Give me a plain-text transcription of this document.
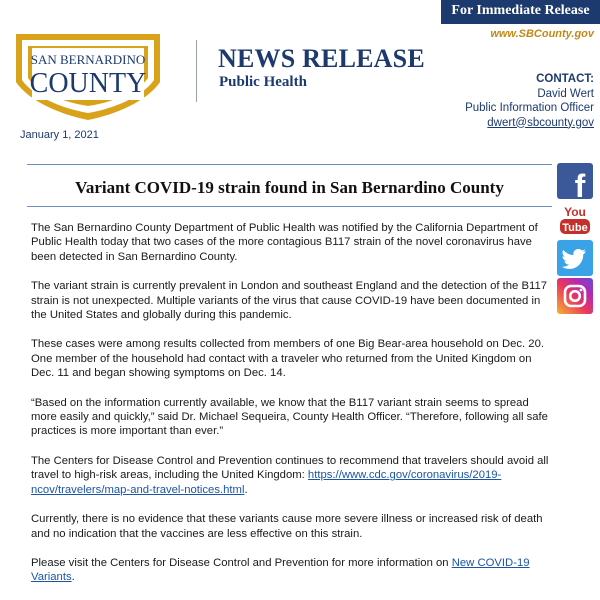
For Immediate Release
www.SBCounty.gov
SAN BERNARDINO
COUNTY
NEWS RELEASE
Public Health	CONTACT:
David Wert
Public Information Officer
dwert@sbcounty.gov
January 1, 2021
Variant COVID-19 strain found in San Bernardino County

The San Bernardino County Department of Public Health was notified by the California Department of Public Health today that two cases of the more contagious B117 strain of the novel coronavirus have been detected in San Bernardino County.

The variant strain is currently prevalent in London and southeast England and the detection of the B117 strain is not unexpected. Multiple variants of the virus that cause COVID-19 have been documented in the United States and globally during this pandemic.

These cases were among results collected from members of one Big Bear-area household on Dec. 20. One member of the household had contact with a traveler who returned from the United Kingdom on Dec. 11 and began showing symptoms on Dec. 14.

“Based on the information currently available, we know that the B117 variant strain seems to spread more easily and quickly,” said Dr. Michael Sequeira, County Health Officer. “Therefore, following all safe practices is more important than ever.”

The Centers for Disease Control and Prevention continues to recommend that travelers should avoid all travel to high-risk areas, including the United Kingdom: https://www.cdc.gov/coronavirus/2019-ncov/travelers/map-and-travel-notices.html.

Currently, there is no evidence that these variants cause more severe illness or increased risk of death and no indication that the vaccines are less effective on this strain.

Please visit the Centers for Disease Control and Prevention for more information on New COVID-19 Variants.

f
You
Tube
